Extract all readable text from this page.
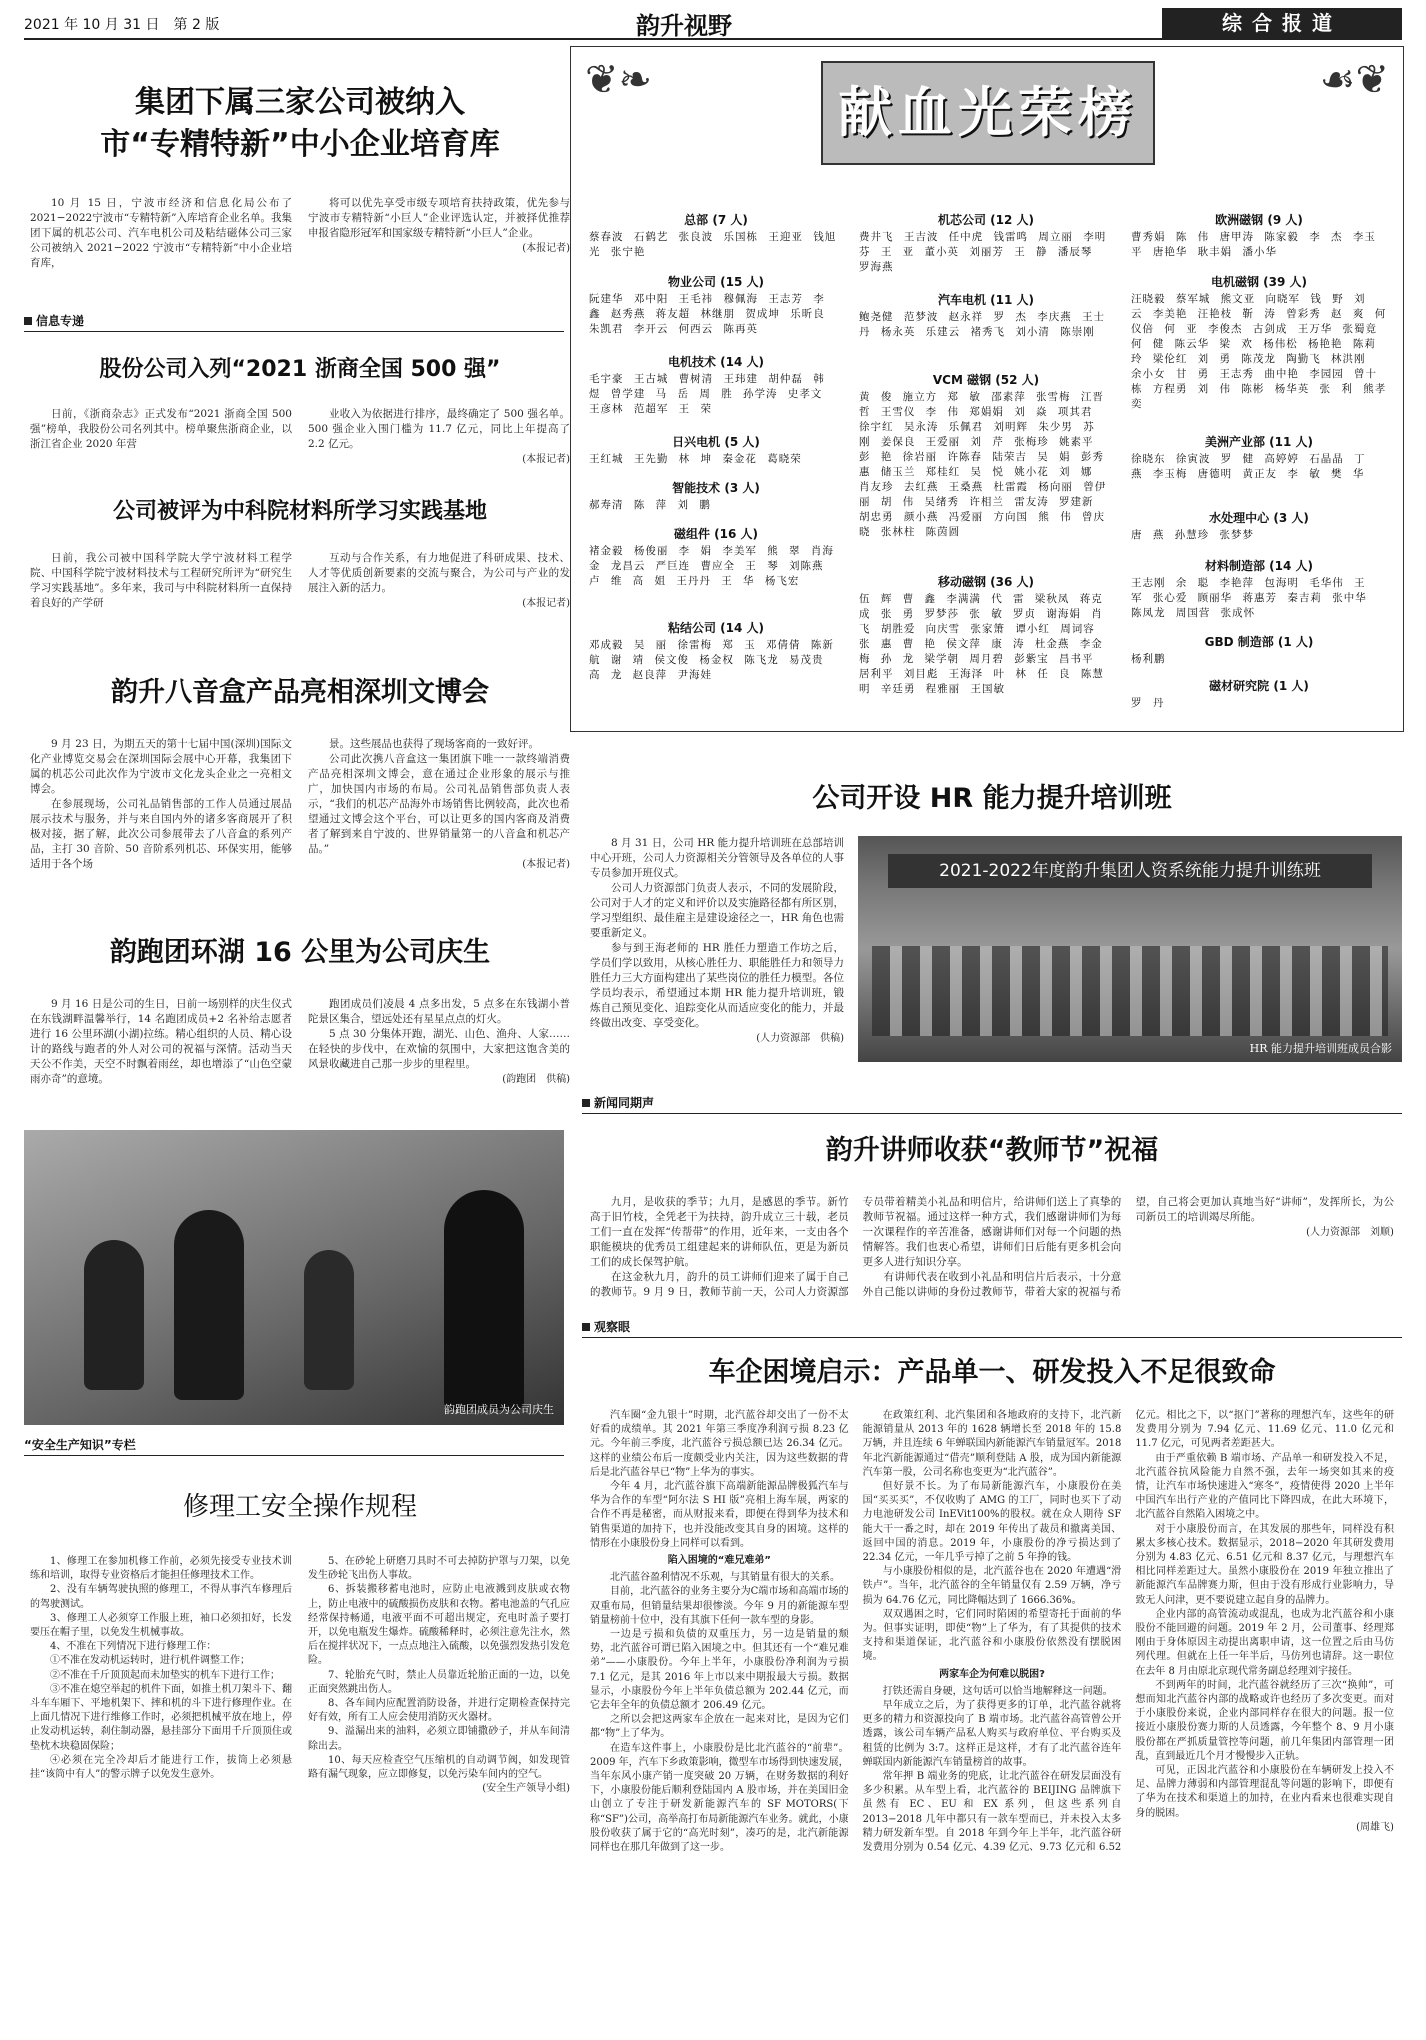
2021 年 10 月 31 日　第 2 版	韵升视野	综合报道
集团下属三家公司被纳入
市“专精特新”中小企业培育库

10 月 15 日，宁波市经济和信息化局公布了2021−2022宁波市“专精特新”入库培育企业名单。我集团下属的机芯公司、汽车电机公司及粘结磁体公司三家公司被纳入 2021−2022 宁波市“专精特新”中小企业培育库，

将可以优先享受市级专项培育扶持政策，优先参与宁波市专精特新“小巨人”企业评选认定，并被择优推荐申报省隐形冠军和国家级专精特新“小巨人”企业。

(本报记者)
信息专递
股份公司入列“2021 浙商全国 500 强”

日前，《浙商杂志》正式发布“2021 浙商全国 500 强”榜单，我股份公司名列其中。榜单聚焦浙商企业，以浙江省企业 2020 年营

业收入为依据进行排序，最终确定了 500 强名单。500 强企业入围门槛为 11.7 亿元，同比上年提高了 2.2 亿元。

(本报记者)
公司被评为中科院材料所学习实践基地

日前，我公司被中国科学院大学宁波材料工程学院、中国科学院宁波材料技术与工程研究所评为“研究生学习实践基地”。多年来，我司与中科院材料所一直保持着良好的产学研

互动与合作关系，有力地促进了科研成果、技术、人才等优质创新要素的交流与聚合，为公司与产业的发展注入新的活力。

(本报记者)
韵升八音盒产品亮相深圳文博会

9 月 23 日，为期五天的第十七届中国(深圳)国际文化产业博览交易会在深圳国际会展中心开幕，我集团下属的机芯公司此次作为宁波市文化龙头企业之一亮相文博会。

在参展现场，公司礼品销售部的工作人员通过展品展示技术与服务，并与来自国内外的诸多客商展开了积极对接，据了解，此次公司参展带去了八音盒的系列产品，主打 30 音阶、50 音阶系列机芯、环保实用，能够适用于各个场

景。这些展品也获得了现场客商的一致好评。

公司此次携八音盒这一集团旗下唯一一款终端消费产品亮相深圳文博会，意在通过企业形象的展示与推广，加快国内市场的布局。公司礼品销售部负责人表示，“我们的机芯产品海外市场销售比例较高，此次也希望通过文博会这个平台，可以让更多的国内客商及消费者了解到来自宁波的、世界销量第一的八音盒和机芯产品。”

(本报记者)
韵跑团环湖 16 公里为公司庆生

9 月 16 日是公司的生日，日前一场别样的庆生仪式在东钱湖畔温馨举行，14 名跑团成员+2 名补给志愿者进行 16 公里环湖(小湖)拉练。精心组织的人员、精心设计的路线与跑者的外人对公司的祝福与深情。活动当天天公不作美，天空不时飘着雨丝，却也增添了“山色空蒙雨亦奇”的意境。

跑团成员们凌晨 4 点多出发，5 点多在东钱湖小普陀景区集合，望远处还有星星点点的灯火。

5 点 30 分集体开跑，湖光、山色、渔舟、人家……在轻快的步伐中，在欢愉的氛围中，大家把这饱含美的风景收藏进自己那一步步的里程里。

(韵跑团　供稿)
韵跑团成员为公司庆生
“安全生产知识”专栏
修理工安全操作规程

1、修理工在参加机修工作前，必须先接受专业技术训练和培训，取得专业资格后才能担任修理技术工作。

2、没有车辆驾驶执照的修理工，不得从事汽车修理后的驾驶测试。

3、修理工人必须穿工作服上班，袖口必须扣好，长发要压在帽子里，以免发生机械事故。

4、不准在下列情况下进行修理工作：

①不准在发动机运转时，进行机件调整工作；

②不准在千斤顶顶起而未加垫实的机车下进行工作；

③不准在熄空举起的机件下面，如推土机刀架斗下、翻斗车车厢下、平地机架下、摔和机的斗下进行修理作业。在上面几情况下进行维修工作时，必须把机械平放在地上，停止发动机运转，刹住制动器，悬挂部分下面用千斤顶顶住或垫枕木块稳固保险；

④必须在完全冷却后才能进行工作，拔筒上必须悬挂“该筒中有人”的警示牌子以免发生意外。

5、在砂轮上研磨刀具时不可去掉防护罩与刀架，以免发生砂轮飞出伤人事故。

6、拆装搬移蓄电池时，应防止电液溅到皮肤或衣物上，防止电液中的硫酸损伤皮肤和衣物。蓄电池盖的气孔应经常保持畅通，电液平面不可超出规定，充电时盖子要打开，以免电瓶发生爆炸。硫酸稀释时，必须注意先注水，然后在搅拌状况下，一点点地注入硫酸，以免强烈发热引发危险。

7、轮胎充气时，禁止人员靠近轮胎正面的一边，以免正面突然跳出伤人。

8、各车间内应配置消防设备，并进行定期检查保持完好有效，所有工人应会使用消防灭火器材。

9、溢漏出来的油料，必须立即铺撒砂子，并从车间清除出去。

10、每天应检查空气压缩机的自动调节阀，如发现管路有漏气现象，应立即修复，以免污染车间内的空气。

(安全生产领导小组)
❦❧	☙❦
献血光荣榜
总部 (7 人)
蔡春波 石鹤艺 张良波 乐国栋 王迎亚 钱旭光 张宁艳
物业公司 (15 人)
阮建华 邓中阳 王毛祎 穆佩海 王志芳 李 鑫 赵秀燕 蒋友超 林继朋 贺成坤 乐昕良 朱凯君 李开云 何西云 陈再英
电机技术 (14 人)
毛宇豪 王古城 曹树清 王玮建 胡仲磊 韩 煜 曾学建 马 岳 周 胜 孙学涛 史孝文 王彦林 范超军 王 荣
日兴电机 (5 人)
王红城 王先勤 林 坤 秦金花 葛晓荣
智能技术 (3 人)
郝寿清 陈 萍 刘 鹏
磁组件 (16 人)
褚金毅 杨俊丽 李 娟 李美军 熊 翠 肖海金 龙昌云 严巨连 曹应全 王 琴 刘陈燕 卢 维 高 姐 王丹丹 王 华 杨飞宏
粘结公司 (14 人)
邓成毅 吴 丽 徐雷梅 郑 玉 邓倩倩 陈新航 谢 靖 侯文俊 杨金权 陈飞龙 易茂贵 高 龙 赵良萍 尹海娃
机芯公司 (12 人)
费井飞 王吉波 任中虎 钱雷鸣 周立丽 李明芬 王 亚 董小英 刘丽芳 王 静 潘辰琴 罗海燕
汽车电机 (11 人)
鲍尧健 范梦波 赵永祥 罗 杰 李庆燕 王士丹 杨永英 乐建云 褚秀飞 刘小清 陈崇刚
VCM 磁钢 (52 人)
黄 俊 施立方 郑 敏 邵素萍 张雪梅 江晋哲 王雪仪 李 伟 郑娟娟 刘 焱 项其君 徐宇红 吴永涛 乐佩君 刘明辉 朱少男 苏 刚 姜保良 王爱丽 刘 芹 张梅珍 姚素平 彭 艳 徐岩丽 许陈春 陆荣吉 吴 娟 彭秀惠 储玉兰 郑桂红 吴 悦 姚小花 刘 娜 肖友珍 去红燕 王桑燕 杜雷霞 杨向丽 曾伊丽 胡 伟 吴绪秀 许相兰 雷友涛 罗建新 胡忠勇 颜小燕 冯爱丽 方向国 熊 伟 曾庆晓 张林柱 陈茵圆
移动磁钢 (36 人)
伍 辉 曹 鑫 李满满 代 雷 梁秋凤 蒋克成 张 勇 罗梦莎 张 敏 罗贞 谢海娟 肖 飞 胡胜爱 向庆雪 张家箫 谭小红 周词容 张 惠 曹 艳 侯文萍 康 涛 杜金燕 李金梅 孙 龙 梁学朝 周月碧 彭紫宝 昌书平 居利平 刘目彪 王海泽 叶 林 任 良 陈慧明 辛廷勇 程雅丽 王国敏
欧洲磁钢 (9 人)
曹秀娟 陈 伟 唐甲涛 陈家毅 李 杰 李玉平 唐艳华 耿丰娟 潘小华
电机磁钢 (39 人)
汪晓毅 蔡军城 熊文亚 向晓军 钱 野 刘 云 李美艳 汪艳枝 靳 涛 曾彩秀 赵 爽 何仪倍 何 亚 李俊杰 古剑成 王万华 张蜀竟 何 健 陈云华 梁 欢 杨伟松 杨艳艳 陈莉玲 梁伦红 刘 勇 陈茂龙 陶勤飞 林洪刚 余小女 甘 勇 王志秀 曲中艳 李园园 曾十栋 方程勇 刘 伟 陈彬 杨华英 张 利 熊孝奕
美洲产业部 (11 人)
徐晓东 徐寅波 罗 健 高婷婷 石晶晶 丁 燕 李玉梅 唐德明 黄正友 李 敏 樊 华
水处理中心 (3 人)
唐 燕 孙慧珍 张梦梦
材料制造部 (14 人)
王志刚 余 聪 李艳萍 包海明 毛华伟 王 军 张心爱 顾丽华 蒋惠芳 秦吉莉 张中华 陈凤龙 周国营 张成怀
GBD 制造部 (1 人)
杨利鹏
磁材研究院 (1 人)
罗 丹
公司开设 HR 能力提升培训班

8 月 31 日，公司 HR 能力提升培训班在总部培训中心开班，公司人力资源相关分管领导及各单位的人事专员参加开班仪式。

公司人力资源部门负责人表示，不同的发展阶段，公司对于人才的定义和评价以及实施路径都有所区别，学习型组织、最佳雇主是建设途径之一，HR 角色也需要重新定义。

参与到王海老师的 HR 胜任力塑造工作坊之后，学员们学以致用，从核心胜任力、职能胜任力和领导力胜任力三大方面构建出了某些岗位的胜任力模型。各位学员均表示，希望通过本期 HR 能力提升培训班，锻炼自己预见变化、追踪变化从而适应变化的能力，并最终做出改变、享受变化。

(人力资源部　供稿)
2021-2022年度韵升集团人资系统能力提升训练班
HR 能力提升培训班成员合影
新闻同期声
韵升讲师收获“教师节”祝福

九月，是收获的季节；九月，是感恩的季节。新竹高于旧竹枝，全凭老干为扶持，韵升成立三十载，老员工们一直在发挥“传帮带”的作用，近年来，一支由各个职能模块的优秀员工组建起来的讲师队伍，更是为新员工们的成长保驾护航。

在这金秋九月，韵升的员工讲师们迎来了属于自己的教师节。9 月 9 日，教师节前一天，公司人力资源部专员带着精美小礼品和明信片，给讲师们送上了真挚的教师节祝福。通过这样一种方式，我们感谢讲师们为每一次课程作的辛苦准备，感谢讲师们对每一个问题的热情解答。我们也衷心希望，讲师们日后能有更多机会向更多人进行知识分享。

有讲师代表在收到小礼品和明信片后表示，十分意外自己能以讲师的身份过教师节，带着大家的祝福与希望，自己将会更加认真地当好“讲师”，发挥所长，为公司新员工的培训竭尽所能。

(人力资源部　刘顺)
观察眼
车企困境启示：产品单一、研发投入不足很致命

汽车圈“金九银十”时期，北汽蓝谷却交出了一份不太好看的成绩单。其 2021 年第三季度净利润亏损 8.23 亿元。今年前三季度，北汽蓝谷亏损总额已达 26.34 亿元。这样的业绩公布后一度颇受业内关注，因为这些数据的背后是北汽蓝谷早已“物”上华为的事实。

今年 4 月，北汽蓝谷旗下高端新能源品牌极狐汽车与华为合作的车型“阿尔法 S HI 版”亮相上海车展，两家的合作不再是秘密，而从财报来看，即便在得到华为技术和销售渠道的加持下，也并没能改变其自身的困境。这样的情形在小康股份身上同样可以看到。

陷入困境的“难兄难弟”

北汽蓝谷盈利情况不乐观，与其销量有很大的关系。

目前，北汽蓝谷的业务主要分为C端市场和高端市场的双重布局，但销量结果却很惨淡。今年 9 月的新能源车型销量榜前十位中，没有其旗下任何一款车型的身影。

一边是亏损和负债的双重压力，另一边是销量的颓势，北汽蓝谷可谓已陷入困境之中。但其还有一个“难兄难弟”——小康股份。今年上半年，小康股份净利润为亏损 7.1 亿元，是其 2016 年上市以来中期报最大亏损。数据显示，小康股份今年上半年负债总额为 202.44 亿元，而它去年全年的负债总额才 206.49 亿元。

之所以会把这两家车企放在一起来对比，是因为它们都“物”上了华为。

在造车这件事上，小康股份是比北汽蓝谷的“前辈”。2009 年，汽车下乡政策影响，微型车市场得到快速发展，当年东风小康产销一度突破 20 万辆，在财务数据的利好下，小康股份能后顺利登陆国内 A 股市场，并在美国旧金山创立了专注于研发新能源汽车的 SF MOTORS(下称“SF”)公司，高举高打布局新能源汽车业务。就此，小康股份收获了属于它的“高光时刻”，凑巧的是，北汽新能源同样也在那几年做到了这一步。

在政策红利、北汽集团和各地政府的支持下，北汽新能源销量从 2013 年的 1628 辆增长至 2018 年的 15.8 万辆，并且连续 6 年蝉联国内新能源汽车销量冠军。2018 年北汽新能源通过“借壳”顺利登陆 A 股，成为国内新能源汽车第一股，公司名称也变更为“北汽蓝谷”。

但好景不长。为了布局新能源汽车，小康股份在美国“买买买”，不仅收购了 AMG 的工厂，同时也买下了动力电池研发公司 InEVit100%的股权。就在众人期待 SF 能大干一番之时，却在 2019 年传出了裁员和撤离美国、返回中国的消息。2019 年，小康股份的净亏损达到了 22.34 亿元，一年几乎亏掉了之前 5 年挣的钱。

与小康股份相似的是，北汽蓝谷也在 2020 年遭遇“滑铁卢”。当年，北汽蓝谷的全年销量仅有 2.59 万辆，净亏损为 64.76 亿元，同比降幅达到了 1666.36%。

双双遇困之时，它们同时陷困的希望寄托于面前的华为。但事实证明，即使“物”上了华为，有了其提供的技术支持和渠道保证，北汽蓝谷和小康股份依然没有摆脱困境。

两家车企为何难以脱困?

打铁还需自身硬，这句话可以恰当地解释这一问题。

早年成立之后，为了获得更多的订单，北汽蓝谷就将更多的精力和资源投向了 B 端市场。北汽蓝谷高管曾公开透露，该公司车辆产品私人购买与政府单位、平台购买及租赁的比例为 3:7。这样正是这样，才有了北汽蓝谷连年蝉联国内新能源汽车销量榜首的故事。

常年押 B 端业务的兜底，让北汽蓝谷在研发层面没有多少积累。从车型上看，北汽蓝谷的 BEIJING 品牌旗下虽然有 EC、EU 和 EX 系列，但这些系列自 2013−2018 几年中都只有一款车型而已，并未投入太多精力研发新车型。自 2018 年到今年上半年，北汽蓝谷研发费用分别为 0.54 亿元、4.39 亿元、9.73 亿元和 6.52 亿元。相比之下，以“抠门”著称的理想汽车，这些年的研发费用分别为 7.94 亿元、11.69 亿元、11.0 亿元和 11.7 亿元，可见两者差距甚大。

由于严重依赖 B 端市场、产品单一和研发投入不足，北汽蓝谷抗风险能力自然不强，去年一场突如其来的疫情，让汽车市场快速进入“寒冬”，疫情使得 2020 上半年中国汽车出行产业的产值同比下降四成，在此大环境下，北汽蓝谷自然陷入困境之中。

对于小康股份而言，在其发展的那些年，同样没有积累太多核心技术。数据显示，2018−2020 年其研发费用分别为 4.83 亿元、6.51 亿元和 8.37 亿元，与理想汽车相比同样差距过大。虽然小康股份在 2019 年独立推出了新能源汽车品牌赛力斯，但由于没有形成行业影响力，导致无人问津，更不要说建立起自身的品牌力。

企业内部的高管流动或混乱，也成为北汽蓝谷和小康股份不能回避的问题。2019 年 2 月，公司董事、经理郑刚由于身体原因主动提出离职申请，这一位置之后由马仿列代理。但就在上任一年半后，马仿列也请辞。这一职位在去年 8 月由原北京现代常务副总经理刘宇接任。

不到两年的时间，北汽蓝谷就经历了三次“换帅”，可想而知北汽蓝谷内部的战略或许也经历了多次变更。而对于小康股份来说，企业内部同样存在很大的问题。报一位接近小康股份赛力斯的人员透露，今年整个 8、9 月小康股份都在严抓质量管控等问题，前几年集团内部管理一团乱，直到最近几个月才慢慢步入正轨。

可见，正因北汽蓝谷和小康股份在车辆研发上投入不足、品牌力薄弱和内部管理混乱等问题的影响下，即便有了华为在技术和渠道上的加持，在业内看来也很难实现自身的脱困。

(周雄飞)
